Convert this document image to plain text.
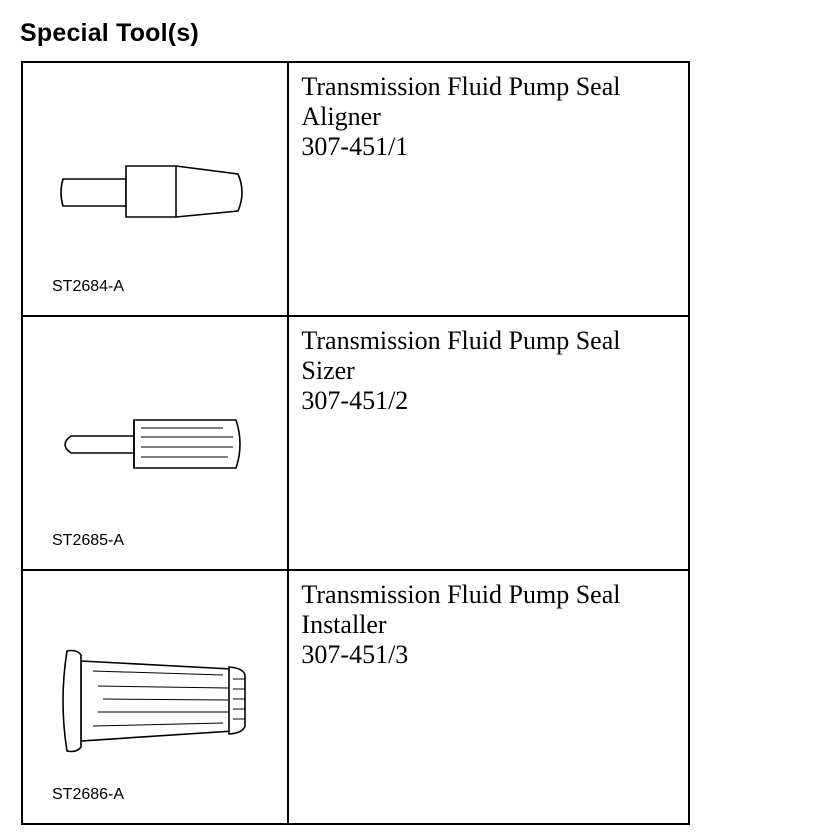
Special Tool(s)
ST2684-A	Transmission Fluid Pump Seal
Aligner
307-451/1

ST2685-A	Transmission Fluid Pump Seal
Sizer
307-451/2

ST2686-A	Transmission Fluid Pump Seal
Installer
307-451/3
